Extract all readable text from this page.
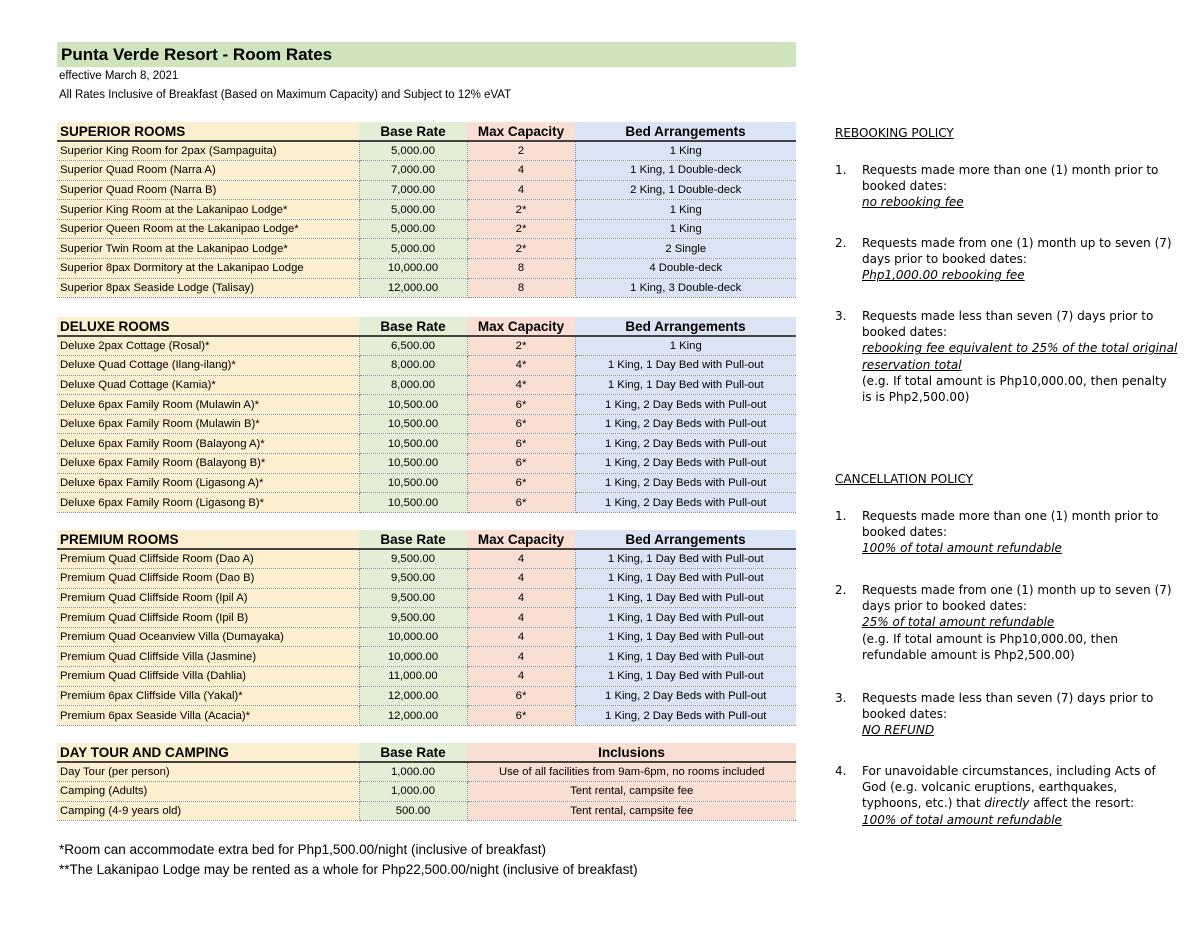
Punta Verde Resort - Room Rates
effective March 8, 2021
All Rates Inclusive of Breakfast (Based on Maximum Capacity) and Subject to 12% eVAT
SUPERIOR ROOMS	Base Rate	Max Capacity	Bed Arrangements
Superior King Room for 2pax (Sampaguita)	5,000.00	2	1 King
Superior Quad Room (Narra A)	7,000.00	4	1 King, 1 Double-deck
Superior Quad Room (Narra B)	7,000.00	4	2 King, 1 Double-deck
Superior King Room at the Lakanipao Lodge*	5,000.00	2*	1 King
Superior Queen Room at the Lakanipao Lodge*	5,000.00	2*	1 King
Superior Twin Room at the Lakanipao Lodge*	5,000.00	2*	2 Single
Superior 8pax Dormitory at the Lakanipao Lodge	10,000.00	8	4 Double-deck
Superior 8pax Seaside Lodge (Talisay)	12,000.00	8	1 King, 3 Double-deck
DELUXE ROOMS	Base Rate	Max Capacity	Bed Arrangements
Deluxe 2pax Cottage (Rosal)*	6,500.00	2*	1 King
Deluxe Quad Cottage (Ilang-ilang)*	8,000.00	4*	1 King, 1 Day Bed with Pull-out
Deluxe Quad Cottage (Kamia)*	8,000.00	4*	1 King, 1 Day Bed with Pull-out
Deluxe 6pax Family Room (Mulawin A)*	10,500.00	6*	1 King, 2 Day Beds with Pull-out
Deluxe 6pax Family Room (Mulawin B)*	10,500.00	6*	1 King, 2 Day Beds with Pull-out
Deluxe 6pax Family Room (Balayong A)*	10,500.00	6*	1 King, 2 Day Beds with Pull-out
Deluxe 6pax Family Room (Balayong B)*	10,500.00	6*	1 King, 2 Day Beds with Pull-out
Deluxe 6pax Family Room (Ligasong A)*	10,500.00	6*	1 King, 2 Day Beds with Pull-out
Deluxe 6pax Family Room (Ligasong B)*	10,500.00	6*	1 King, 2 Day Beds with Pull-out
PREMIUM ROOMS	Base Rate	Max Capacity	Bed Arrangements
Premium Quad Cliffside Room (Dao A)	9,500.00	4	1 King, 1 Day Bed with Pull-out
Premium Quad Cliffside Room (Dao B)	9,500.00	4	1 King, 1 Day Bed with Pull-out
Premium Quad Cliffside Room (Ipil A)	9,500.00	4	1 King, 1 Day Bed with Pull-out
Premium Quad Cliffside Room (Ipil B)	9,500.00	4	1 King, 1 Day Bed with Pull-out
Premium Quad Oceanview Villa (Dumayaka)	10,000.00	4	1 King, 1 Day Bed with Pull-out
Premium Quad Cliffside Villa (Jasmine)	10,000.00	4	1 King, 1 Day Bed with Pull-out
Premium Quad Cliffside Villa (Dahlia)	11,000.00	4	1 King, 1 Day Bed with Pull-out
Premium 6pax Cliffside Villa (Yakal)*	12,000.00	6*	1 King, 2 Day Beds with Pull-out
Premium 6pax Seaside Villa (Acacia)*	12,000.00	6*	1 King, 2 Day Beds with Pull-out
DAY TOUR AND CAMPING	Base Rate	Inclusions
Day Tour (per person)	1,000.00	Use of all facilities from 9am-6pm, no rooms included
Camping (Adults)	1,000.00	Tent rental, campsite fee
Camping (4-9 years old)	500.00	Tent rental, campsite fee
*Room can accommodate extra bed for Php1,500.00/night (inclusive of breakfast)
**The Lakanipao Lodge may be rented as a whole for Php22,500.00/night (inclusive of breakfast)
REBOOKING POLICY
1. Requests made more than one (1) month prior to booked dates:
no rebooking fee
2. Requests made from one (1) month up to seven (7) days prior to booked dates:
Php1,000.00 rebooking fee
3. Requests made less than seven (7) days prior to booked dates:
rebooking fee equivalent to 25% of the total original reservation total
(e.g. If total amount is Php10,000.00, then penalty is is Php2,500.00)
CANCELLATION POLICY
1. Requests made more than one (1) month prior to booked dates:
100% of total amount refundable
2. Requests made from one (1) month up to seven (7) days prior to booked dates:
25% of total amount refundable
(e.g. If total amount is Php10,000.00, then refundable amount is Php2,500.00)
3. Requests made less than seven (7) days prior to booked dates:
NO REFUND
4. For unavoidable circumstances, including Acts of God (e.g. volcanic eruptions, earthquakes, typhoons, etc.) that directly affect the resort:
100% of total amount refundable
